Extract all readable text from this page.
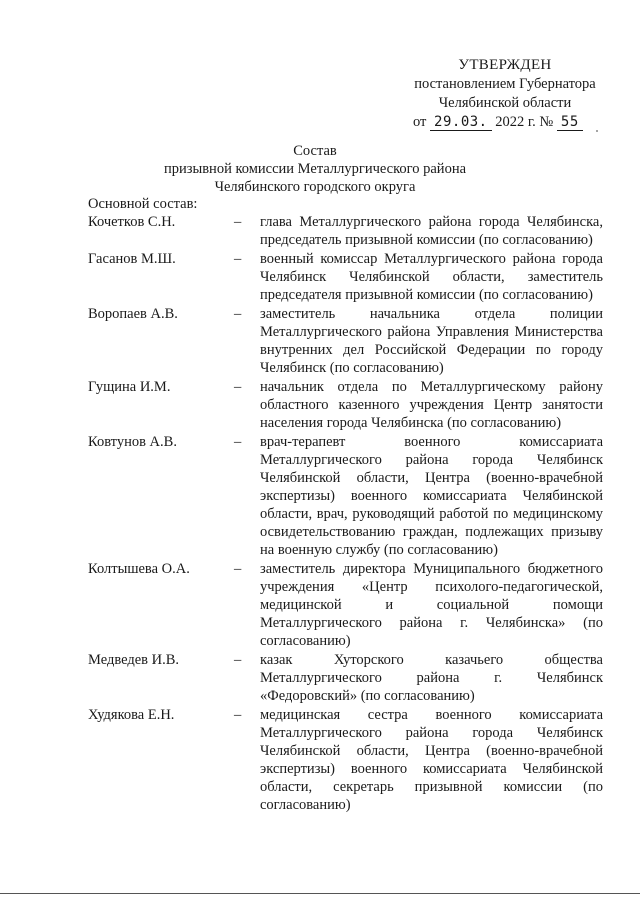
УТВЕРЖДЕН
постановлением Губернатора
Челябинской области
от 29.03. 2022 г. № 55
Состав
призывной комиссии Металлургического района
Челябинского городского округа
Основной состав:
Кочетков С.Н.	–	глава Металлургического района города Челябинска, председатель призывной комиссии (по согласованию)
Гасанов М.Ш.	–	военный комиссар Металлургического района города Челябинск Челябинской области, заместитель председателя призывной комиссии (по согласованию)
Воропаев А.В.	–	заместитель начальника отдела полиции Металлургического района Управления Министерства внутренних дел Российской Федерации по городу Челябинск (по согласованию)
Гущина И.М.	–	начальник отдела по Металлургическому району областного казенного учреждения Центр занятости населения города Челябинска (по согласованию)
Ковтунов А.В.	–	врач-терапевт военного комиссариата Металлургического района города Челябинск Челябинской области, Центра (военно-врачебной экспертизы) военного комиссариата Челябинской области, врач, руководящий работой по медицинскому освидетельствованию граждан, подлежащих призыву на военную службу (по согласованию)
Колтышева О.А.	–	заместитель директора Муниципального бюджетного учреждения «Центр психолого-педагогической, медицинской и социальной помощи Металлургического района г. Челябинска» (по согласованию)
Медведев И.В.	–	казак Хуторского казачьего общества Металлургического района г. Челябинск «Федоровский» (по согласованию)
Худякова Е.Н.	–	медицинская сестра военного комиссариата Металлургического района города Челябинск Челябинской области, Центра (военно-врачебной экспертизы) военного комиссариата Челябинской области, секретарь призывной комиссии (по согласованию)
